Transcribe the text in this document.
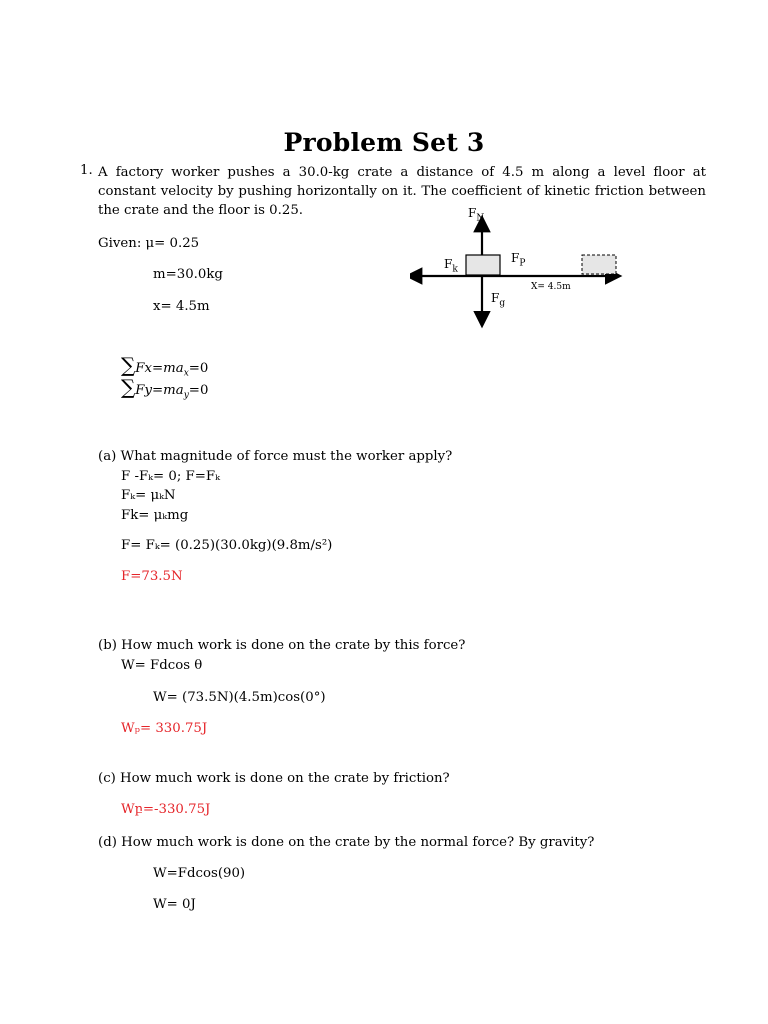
Problem Set 3
1. A factory worker pushes a 30.0-kg crate a distance of 4.5 m along a level floor at constant velocity by pushing horizontally on it. The coefficient of kinetic friction between the crate and the floor is 0.25.
Given: μ= 0.25
m=30.0kg
x= 4.5m
$\sum Fx=ma_x=0$
$\sum Fy=ma_y=0$
$F_N$
$F_k$
$F_P$
$F_g$
X= 4.5m
(a) What magnitude of force must the worker apply?
F -Fₖ= 0; F=Fₖ
Fₖ= μₖN
Fk= μₖmg
F= Fₖ= (0.25)(30.0kg)(9.8m/s²)
F=73.5N
(b) How much work is done on the crate by this force?
W= Fdcos θ
W= (73.5N)(4.5m)cos(0°)
Wₚ= 330.75J
(c) How much work is done on the crate by friction?
Wբ=-330.75J
(d) How much work is done on the crate by the normal force? By gravity?
W=Fdcos(90)
W= 0J
